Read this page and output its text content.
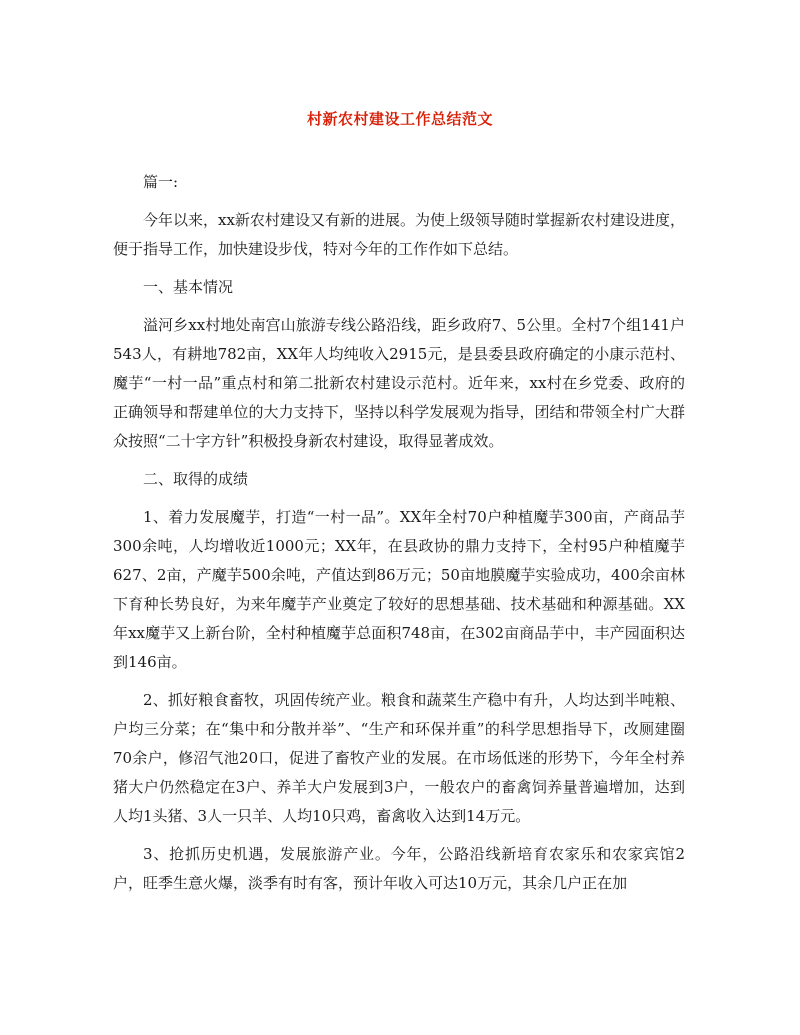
村新农村建设工作总结范文

篇一:

今年以来，xx新农村建设又有新的进展。为使上级领导随时掌握新农村建设进度，便于指导工作，加快建设步伐，特对今年的工作作如下总结。

一、基本情况

溢河乡xx村地处南宫山旅游专线公路沿线，距乡政府7、5公里。全村7个组141户543人，有耕地782亩，XX年人均纯收入2915元，是县委县政府确定的小康示范村、魔芋“一村一品”重点村和第二批新农村建设示范村。近年来，xx村在乡党委、政府的正确领导和帮建单位的大力支持下，坚持以科学发展观为指导，团结和带领全村广大群众按照“二十字方针”积极投身新农村建设，取得显著成效。

二、取得的成绩

1、着力发展魔芋，打造“一村一品”。XX年全村70户种植魔芋300亩，产商品芋300余吨，人均增收近1000元；XX年，在县政协的鼎力支持下，全村95户种植魔芋627、2亩，产魔芋500余吨，产值达到86万元；50亩地膜魔芋实验成功，400余亩林下育种长势良好，为来年魔芋产业奠定了较好的思想基础、技术基础和种源基础。XX年xx魔芋又上新台阶，全村种植魔芋总面积748亩，在302亩商品芋中，丰产园面积达到146亩。

2、抓好粮食畜牧，巩固传统产业。粮食和蔬菜生产稳中有升，人均达到半吨粮、户均三分菜；在“集中和分散并举”、“生产和环保并重”的科学思想指导下，改厕建圈70余户，修沼气池20口，促进了畜牧产业的发展。在市场低迷的形势下，今年全村养猪大户仍然稳定在3户、养羊大户发展到3户，一般农户的畜禽饲养量普遍增加，达到人均1头猪、3人一只羊、人均10只鸡，畜禽收入达到14万元。

3、抢抓历史机遇，发展旅游产业。今年，公路沿线新培育农家乐和农家宾馆2户，旺季生意火爆，淡季有时有客，预计年收入可达10万元，其余几户正在加
